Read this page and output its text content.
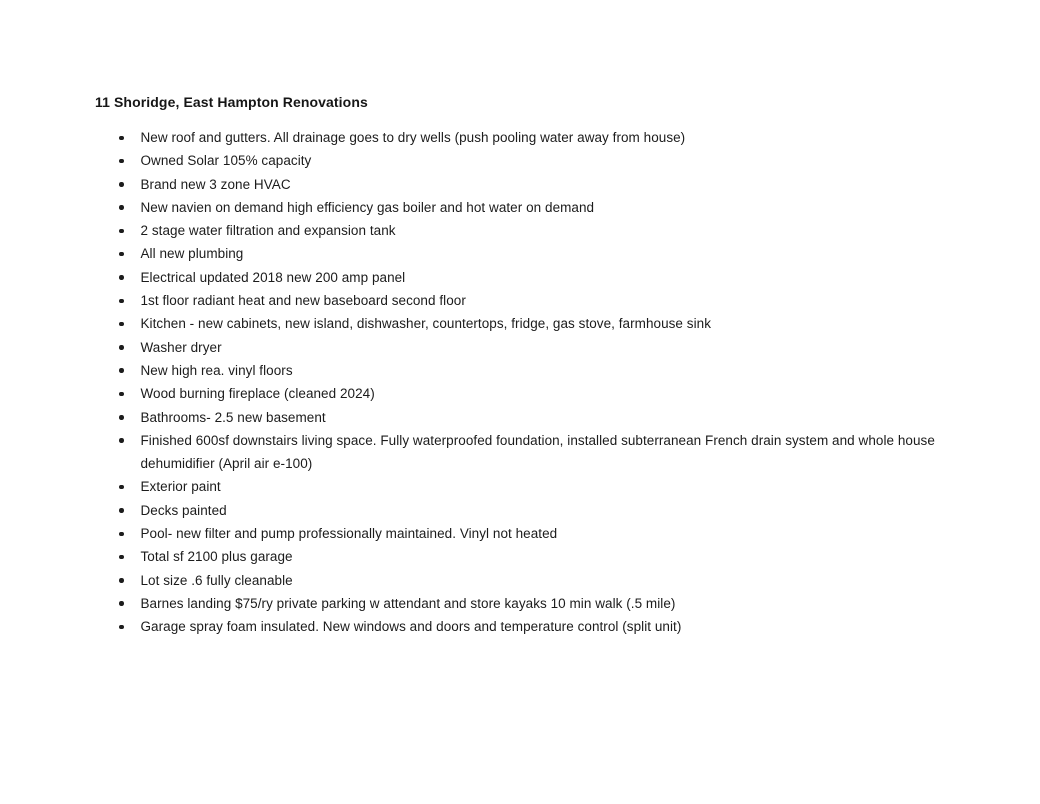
11 Shoridge, East Hampton Renovations
New roof and gutters. All drainage goes to dry wells (push pooling water away from house)
Owned Solar 105% capacity
Brand new 3 zone HVAC
New navien on demand high efficiency gas boiler and hot water on demand
2 stage water filtration and expansion tank
All new plumbing
Electrical updated 2018 new 200 amp panel
1st floor radiant heat and new baseboard second floor
Kitchen - new cabinets, new island, dishwasher, countertops, fridge, gas stove, farmhouse sink
Washer dryer
New high rea. vinyl floors
Wood burning fireplace (cleaned 2024)
Bathrooms- 2.5 new basement
Finished 600sf downstairs living space. Fully waterproofed foundation, installed subterranean French drain system and whole house dehumidifier (April air e-100)
Exterior paint
Decks painted
Pool- new filter and pump professionally maintained. Vinyl not heated
Total sf 2100 plus garage
Lot size .6 fully cleanable
Barnes landing $75/ry private parking w attendant and store kayaks 10 min walk (.5 mile)
Garage spray foam insulated. New windows and doors and temperature control (split unit)
